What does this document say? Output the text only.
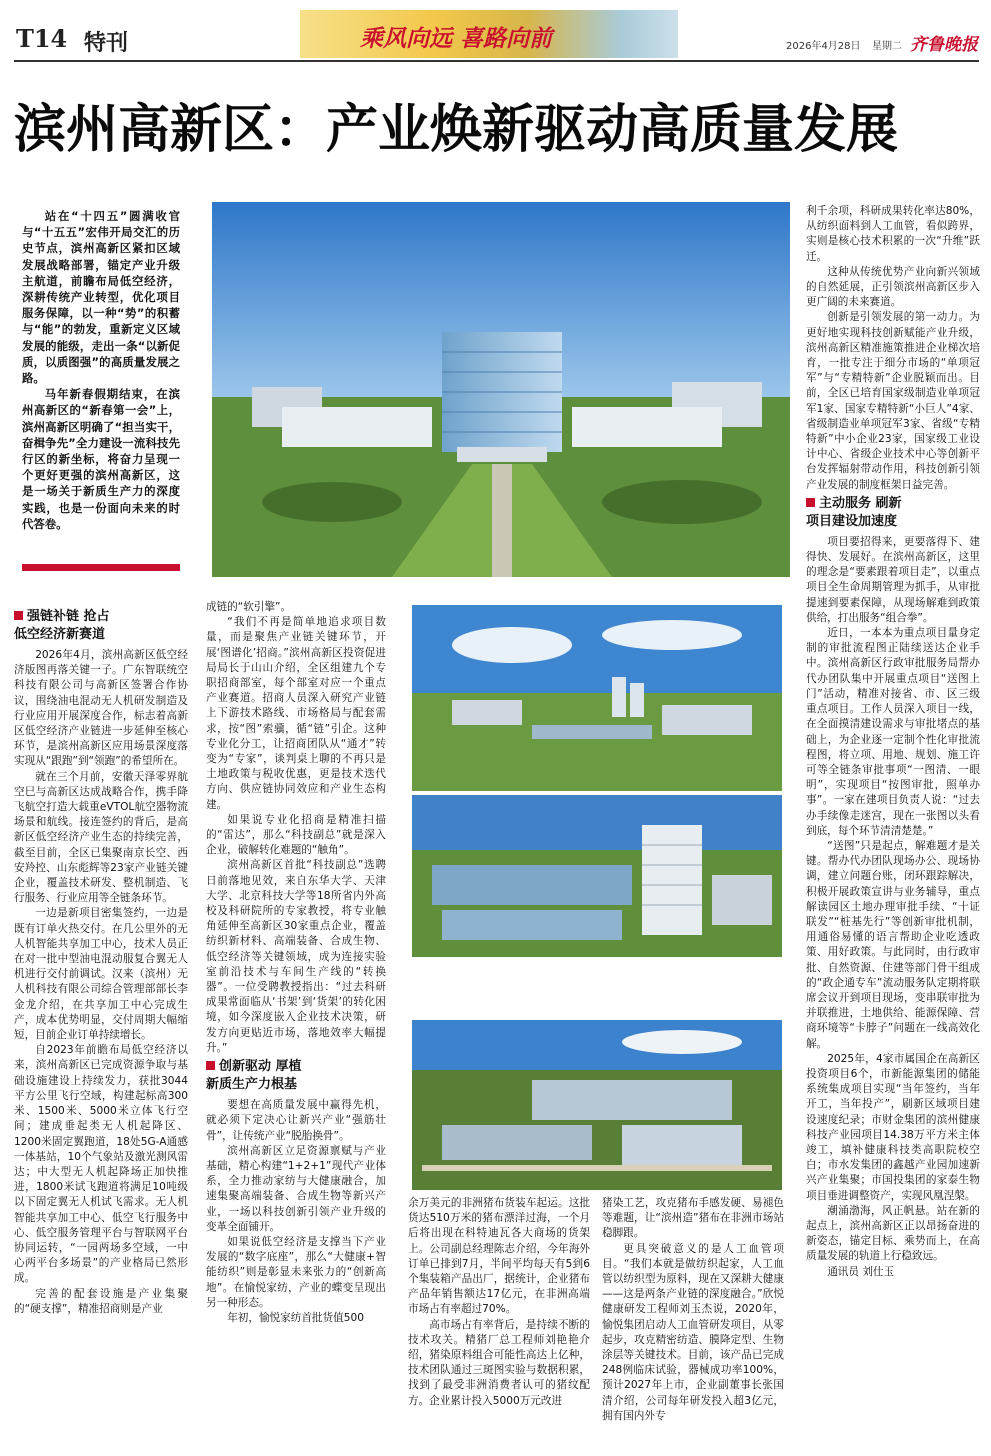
T14 特刊	乘风向远 喜路向前	2026年4月28日 星期二 齐鲁晚报
滨州高新区：产业焕新驱动高质量发展

站在“十四五”圆满收官与“十五五”宏伟开局交汇的历史节点，滨州高新区紧扣区域发展战略部署，锚定产业升级主航道，前瞻布局低空经济，深耕传统产业转型，优化项目服务保障，以一种“势”的积蓄与“能”的勃发，重新定义区域发展的能级，走出一条“以新促质，以质图强”的高质量发展之路。

马年新春假期结束，在滨州高新区的“新春第一会”上，滨州高新区明确了“担当实干，奋楫争先”全力建设一流科技先行区的新坐标，将奋力呈现一个更好更强的滨州高新区，这是一场关于新质生产力的深度实践，也是一份面向未来的时代答卷。

强链补链 抢占
低空经济新赛道

2026年4月，滨州高新区低空经济版图再落关键一子。广东智联统空科技有限公司与高新区签署合作协议，围绕油电混动无人机研发制造及行业应用开展深度合作，标志着高新区低空经济产业链进一步延伸至核心环节，是滨州高新区应用场景深度落实现从“跟跑”到“领跑”的希望所在。

就在三个月前，安徽天泽零界航空巳与高新区达成战略合作，携手降飞航空打造大载重eVTOL航空器物流场景和航线。接连签约的背后，是高新区低空经济产业生态的持续完善，截至目前，全区已集聚南京长空、西安羚控、山东彪辉等23家产业链关键企业，覆盖技术研发、整机制造、飞行服务、行业应用等全链条环节。

一边是新项目密集签约，一边是既有订单火热交付。在几公里外的无人机智能共享加工中心，技术人员正在对一批中型油电混动服复合翼无人机进行交付前调试。汉来（滨州）无人机科技有限公司综合管理部部长李金龙介绍，在共享加工中心完成生产，成本优势明显，交付周期大幅缩短，目前企业订单持续增长。

自2023年前瞻布局低空经济以来，滨州高新区已完成资源争取与基础设施建设上持续发力，获批3044平方公里飞行空域，构建起标高300米、1500米、5000米立体飞行空间；建成垂起类无人机起降区、1200米固定翼跑道，18处5G-A通感一体基站，10个气象站及激光测风雷达；中大型无人机起降场正加快推进，1800米试飞跑道将满足10吨级以下固定翼无人机试飞需求。无人机智能共享加工中心、低空飞行服务中心、低空服务管理平台与智联网平台协同运转，“一园两场多空域，一中心两平台多场景”的产业格局已然形成。

完善的配套设施是产业集聚的“硬支撑”，精准招商则是产业

成链的“软引擎”。

“我们不再是简单地追求项目数量，而是聚焦产业链关键环节，开展‘图谱化’招商。”滨州高新区投资促进局局长于山山介绍，全区组建九个专职招商部室，每个部室对应一个重点产业赛道。招商人员深入研究产业链上下游技术路线、市场格局与配套需求，按“图”索骥，循“链”引企。这种专业化分工，让招商团队从“通才”转变为“专家”，谈判桌上聊的不再只是土地政策与税收优惠，更是技术迭代方向、供应链协同效应和产业生态构建。

如果说专业化招商是精准扫描的“雷达”，那么“科技副总”就是深入企业，破解转化难题的“触角”。

滨州高新区首批“科技副总”选聘日前落地见效，来自东华大学、天津大学、北京科技大学等18所省内外高校及科研院所的专家教授，将专业触角延伸至高新区30家重点企业，覆盖纺织新材料、高端装备、合成生物、低空经济等关键领域，成为连接实验室前沿技术与车间生产线的“转换器”。一位受聘教授指出：“过去科研成果常面临从‘书架’到‘货架’的转化困境，如今深度嵌入企业技术决策，研发方向更贴近市场，落地效率大幅提升。”

创新驱动 厚植
新质生产力根基

要想在高质量发展中赢得先机，就必须下定决心让新兴产业“强筋壮骨”，让传统产业“脱胎换骨”。

滨州高新区立足资源禀赋与产业基础，精心构建“1+2+1”现代产业体系，全力推动家纺与大健康融合，加速集聚高端装备、合成生物等新兴产业，一场以科技创新引领产业升级的变革全面铺开。

如果说低空经济是支撑当下产业发展的“数字底座”，那么“大健康+智能纺织”则是彰显未来张力的“创新高地”。在愉悦家纺，产业的蝶变呈现出另一种形态。

年初，愉悦家纺首批货值500

余万美元的非洲猪布货装车起运。这批货达510万米的猪布漂洋过海，一个月后将出现在科特迪瓦各大商场的货架上。公司副总经理陈志介绍，今年海外订单已排到7月，半间平均每天有5到6个集装箱产品出厂，据统计，企业猪布产品年销售额达17亿元，在非洲高端市场占有率超过70%。

高市场占有率背后，是持续不断的技术攻关。精猪厂总工程师刘艳艳介绍，猪染原料组合可能性高达上亿种，技术团队通过三斑图实验与数据积累，找到了最受非洲消费者认可的猪纹配方。企业累计投入5000万元改进

猪染工艺，攻克猪布手感发硬、易褪色等难题，让“滨州造”猪布在非洲市场站稳脚跟。

更具突破意义的是人工血管项目。“我们本就是做纺织起家，人工血管以纺织型为原料，现在又深耕大健康——这是两条产业链的深度融合。”欣悦健康研发工程师刘玉杰说，2020年，愉悦集团启动人工血管研发项目，从零起步，攻克精密纺造、膜降定型、生物涂层等关键技术。目前，该产品已完成248例临床试验，器械成功率100%，预计2027年上市，企业副董事长张国清介绍，公司每年研发投入超3亿元，拥有国内外专

利千余项，科研成果转化率达80%，从纺织面料到人工血管，看似跨界，实则是核心技术积累的一次“升维”跃迁。

这种从传统优势产业向新兴领域的自然延展，正引领滨州高新区步入更广阔的未来赛道。

创新是引领发展的第一动力。为更好地实现科技创新赋能产业升级，滨州高新区精准施策推进企业梯次培育，一批专注于细分市场的“单项冠军”与“专精特新”企业脱颖而出。目前，全区已培育国家级制造业单项冠军1家、国家专精特新“小巨人”4家、省级制造业单项冠军3家、省级“专精特新”中小企业23家，国家级工业设计中心、省级企业技术中心等创新平台发挥辐射带动作用，科技创新引领产业发展的制度框架日益完善。

主动服务 刷新
项目建设加速度

项目要招得来，更要落得下、建得快、发展好。在滨州高新区，这里的理念是“要素跟着项目走”，以重点项目全生命周期管理为抓手，从审批提速到要素保障，从现场解难到政策供给，打出服务“组合拳”。

近日，一本本为重点项目量身定制的审批流程图正陆续送达企业手中。滨州高新区行政审批服务局帮办代办团队集中开展重点项目“送图上门”活动，精准对接省、市、区三级重点项目。工作人员深入项目一线，在全面摸清建设需求与审批堵点的基础上，为企业逐一定制个性化审批流程图，将立项、用地、规划、施工许可等全链条审批事项“一图清、一眼明”，实现项目“按图审批，照单办事”。一家在建项目负责人说：“过去办手续像走迷宫，现在一张图以头看到底，每个环节清清楚楚。”

“送图”只是起点，解难题才是关键。帮办代办团队现场办公、现场协调，建立问题台账，闭环跟踪解决，积极开展政策宣讲与业务辅导，重点解读园区土地办理审批手续、“十证联发”“桩基先行”等创新审批机制，用通俗易懂的语言帮助企业吃透政策、用好政策。与此同时，由行政审批、自然资源、住建等部门骨干组成的“政企通专车”流动服务队定期将联席会议开到项目现场，变串联审批为并联推进，土地供给、能源保障、营商环境等“卡脖子”问题在一线高效化解。

2025年，4家市属国企在高新区投资项目6个，市新能源集团的储能系统集成项目实现“当年签约，当年开工，当年投产”，刷新区域项目建设速度纪录；市财金集团的滨州健康科技产业园项目14.38万平方米主体竣工，填补健康科技类高职院校空白；市水发集团的鑫越产业园加速新兴产业集聚；市国投集团的家泰生物项目垂进调整资产，实现风凰涅槃。

潮涌渤海，风正帆悬。站在新的起点上，滨州高新区正以昂扬奋进的新姿态，锚定目标、乘势而上，在高质量发展的轨道上行稳致远。

通讯员 刘仕玉
